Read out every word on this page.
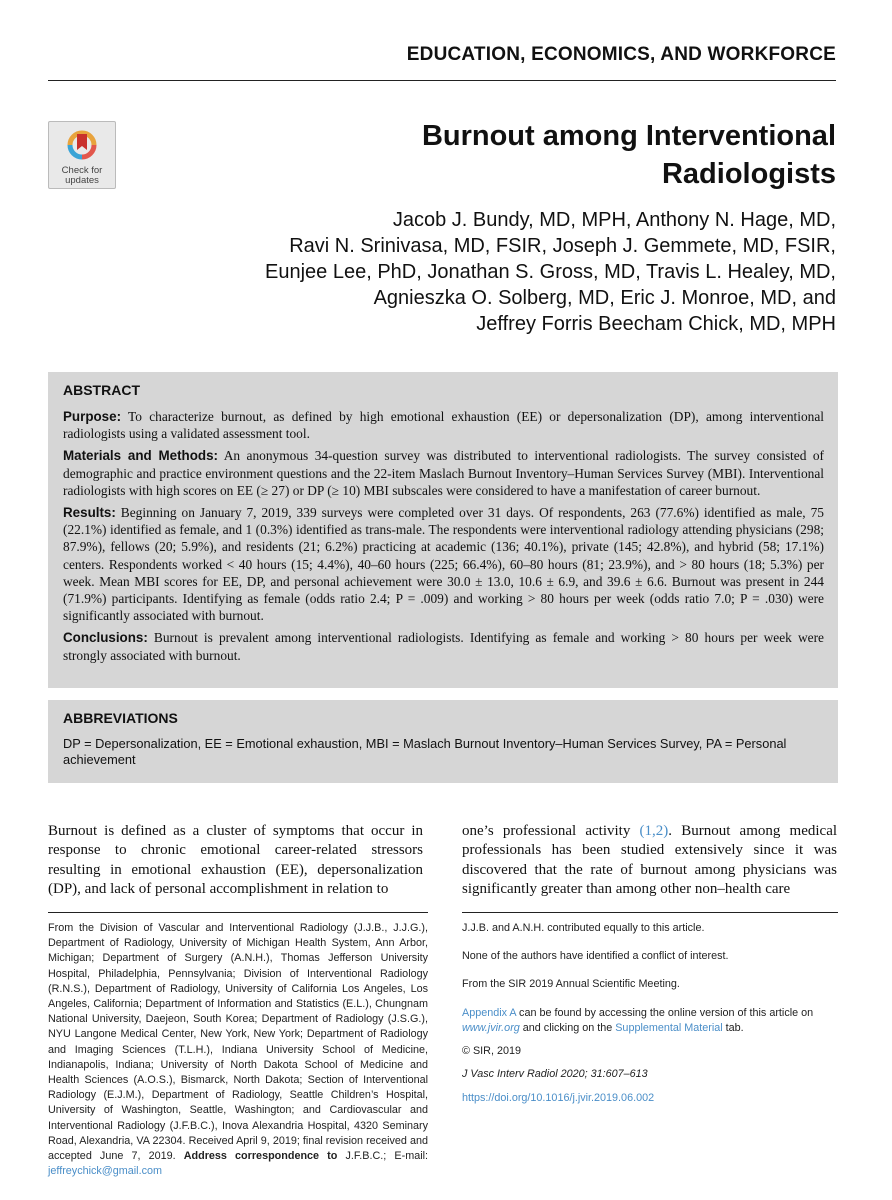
EDUCATION, ECONOMICS, AND WORKFORCE
Check for
updates
Burnout among Interventional
Radiologists
Jacob J. Bundy, MD, MPH, Anthony N. Hage, MD,
Ravi N. Srinivasa, MD, FSIR, Joseph J. Gemmete, MD, FSIR,
Eunjee Lee, PhD, Jonathan S. Gross, MD, Travis L. Healey, MD,
Agnieszka O. Solberg, MD, Eric J. Monroe, MD, and
Jeffrey Forris Beecham Chick, MD, MPH
ABSTRACT

Purpose: To characterize burnout, as defined by high emotional exhaustion (EE) or depersonalization (DP), among interventional radiologists using a validated assessment tool.

Materials and Methods: An anonymous 34-question survey was distributed to interventional radiologists. The survey consisted of demographic and practice environment questions and the 22-item Maslach Burnout Inventory–Human Services Survey (MBI). Interventional radiologists with high scores on EE (≥ 27) or DP (≥ 10) MBI subscales were considered to have a manifestation of career burnout.

Results: Beginning on January 7, 2019, 339 surveys were completed over 31 days. Of respondents, 263 (77.6%) identified as male, 75 (22.1%) identified as female, and 1 (0.3%) identified as trans-male. The respondents were interventional radiology attending physicians (298; 87.9%), fellows (20; 5.9%), and residents (21; 6.2%) practicing at academic (136; 40.1%), private (145; 42.8%), and hybrid (58; 17.1%) centers. Respondents worked < 40 hours (15; 4.4%), 40–60 hours (225; 66.4%), 60–80 hours (81; 23.9%), and > 80 hours (18; 5.3%) per week. Mean MBI scores for EE, DP, and personal achievement were 30.0 ± 13.0, 10.6 ± 6.9, and 39.6 ± 6.6. Burnout was present in 244 (71.9%) participants. Identifying as female (odds ratio 2.4; P = .009) and working > 80 hours per week (odds ratio 7.0; P = .030) were significantly associated with burnout.

Conclusions: Burnout is prevalent among interventional radiologists. Identifying as female and working > 80 hours per week were strongly associated with burnout.

ABBREVIATIONS
DP = Depersonalization, EE = Emotional exhaustion, MBI = Maslach Burnout Inventory–Human Services Survey, PA = Personal achievement
Burnout is defined as a cluster of symptoms that occur in response to chronic emotional career-related stressors resulting in emotional exhaustion (EE), depersonalization (DP), and lack of personal accomplishment in relation to
one’s professional activity (1,2). Burnout among medical professionals has been studied extensively since it was discovered that the rate of burnout among physicians was significantly greater than among other non–health care
From the Division of Vascular and Interventional Radiology (J.J.B., J.J.G.), Department of Radiology, University of Michigan Health System, Ann Arbor, Michigan; Department of Surgery (A.N.H.), Thomas Jefferson University Hospital, Philadelphia, Pennsylvania; Division of Interventional Radiology (R.N.S.), Department of Radiology, University of California Los Angeles, Los Angeles, California; Department of Information and Statistics (E.L.), Chungnam National University, Daejeon, South Korea; Department of Radiology (J.S.G.), NYU Langone Medical Center, New York, New York; Department of Radiology and Imaging Sciences (T.L.H.), Indiana University School of Medicine, Indianapolis, Indiana; University of North Dakota School of Medicine and Health Sciences (A.O.S.), Bismarck, North Dakota; Section of Interventional Radiology (E.J.M.), Department of Radiology, Seattle Children’s Hospital, University of Washington, Seattle, Washington; and Cardiovascular and Interventional Radiology (J.F.B.C.), Inova Alexandria Hospital, 4320 Seminary Road, Alexandria, VA 22304. Received April 9, 2019; final revision received and accepted June 7, 2019. Address correspondence to J.F.B.C.; E-mail: jeffreychick@gmail.com

J.J.B. and A.N.H. contributed equally to this article.

None of the authors have identified a conflict of interest.

From the SIR 2019 Annual Scientific Meeting.

Appendix A can be found by accessing the online version of this article on www.jvir.org and clicking on the Supplemental Material tab.

© SIR, 2019

J Vasc Interv Radiol 2020; 31:607–613

https://doi.org/10.1016/j.jvir.2019.06.002
